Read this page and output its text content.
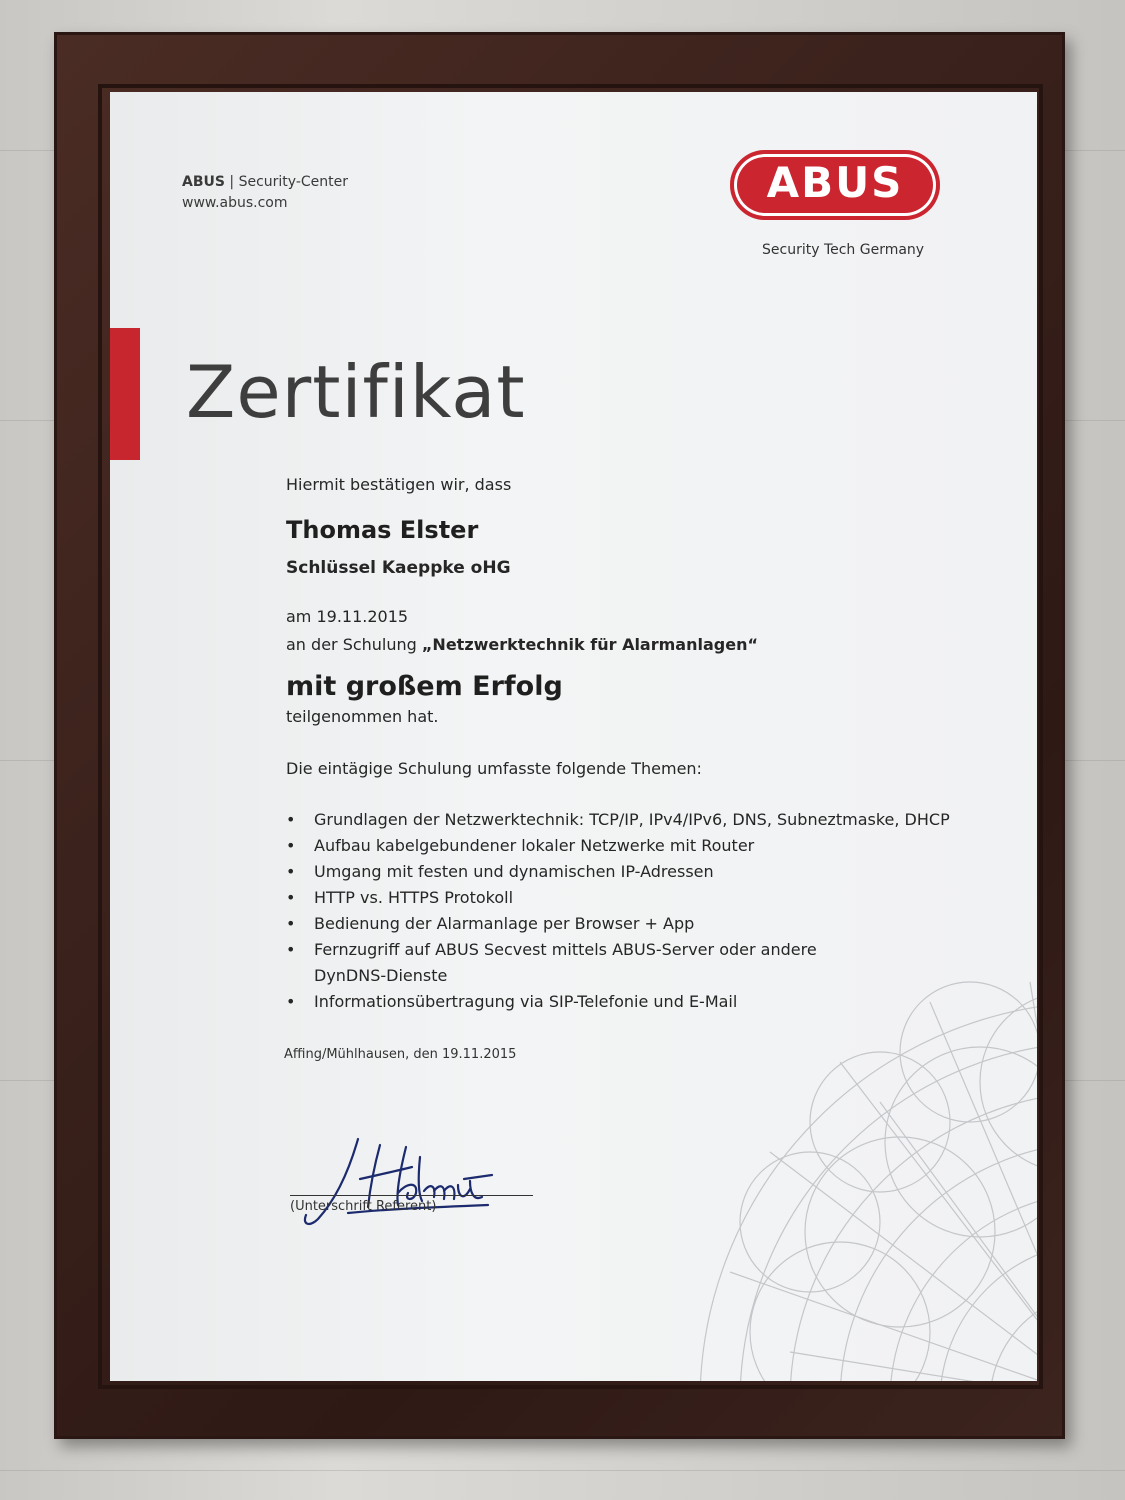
ABUS | Security-Center
www.abus.com	ABUS
Security Tech Germany
Zertifikat
Hiermit bestätigen wir, dass
Thomas Elster
Schlüssel Kaeppke oHG
am 19.11.2015
an der Schulung „Netzwerktechnik für Alarmanlagen“
mit großem Erfolg
teilgenommen hat.
Die eintägige Schulung umfasste folgende Themen:
• Grundlagen der Netzwerktechnik: TCP/IP, IPv4/IPv6, DNS, Subneztmaske, DHCP
• Aufbau kabelgebundener lokaler Netzwerke mit Router
• Umgang mit festen und dynamischen IP-Adressen
• HTTP vs. HTTPS Protokoll
• Bedienung der Alarmanlage per Browser + App
• Fernzugriff auf ABUS Secvest mittels ABUS-Server oder andere
DynDNS-Dienste
• Informationsübertragung via SIP-Telefonie und E-Mail
Affing/Mühlhausen, den 19.11.2015
(Unterschrift Referent)
